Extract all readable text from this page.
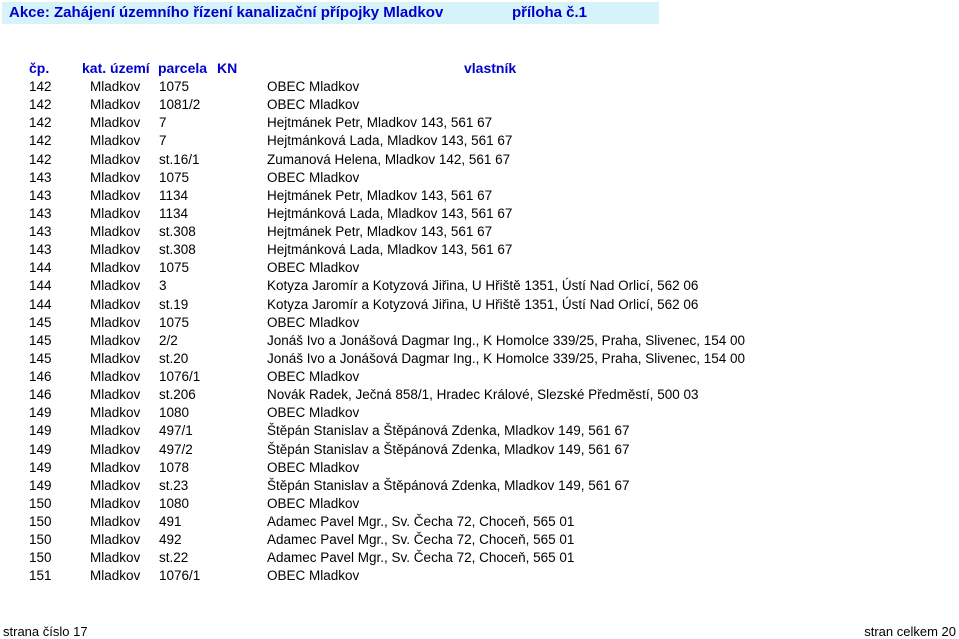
Akce: Zahájení územního řízení kanalizační přípojky Mladkov	příloha č.1
čp. kat. území parcela KN	vlastník
142	Mladkov 1075	OBEC Mladkov
142	Mladkov 1081/2	OBEC Mladkov
142	Mladkov 7	Hejtmánek Petr, Mladkov 143, 561 67
142	Mladkov 7	Hejtmánková Lada, Mladkov 143, 561 67
142	Mladkov st.16/1	Zumanová Helena, Mladkov 142, 561 67
143	Mladkov 1075	OBEC Mladkov
143	Mladkov 1134	Hejtmánek Petr, Mladkov 143, 561 67
143	Mladkov 1134	Hejtmánková Lada, Mladkov 143, 561 67
143	Mladkov st.308	Hejtmánek Petr, Mladkov 143, 561 67
143	Mladkov st.308	Hejtmánková Lada, Mladkov 143, 561 67
144	Mladkov 1075	OBEC Mladkov
144	Mladkov 3	Kotyza Jaromír a Kotyzová Jiřina, U Hřiště 1351, Ústí Nad Orlicí, 562 06
144	Mladkov st.19	Kotyza Jaromír a Kotyzová Jiřina, U Hřiště 1351, Ústí Nad Orlicí, 562 06
145	Mladkov 1075	OBEC Mladkov
145	Mladkov 2/2	Jonáš Ivo a Jonášová Dagmar Ing., K Homolce 339/25, Praha, Slivenec, 154 00
145	Mladkov st.20	Jonáš Ivo a Jonášová Dagmar Ing., K Homolce 339/25, Praha, Slivenec, 154 00
146	Mladkov 1076/1	OBEC Mladkov
146	Mladkov st.206	Novák Radek, Ječná 858/1, Hradec Králové, Slezské Předměstí, 500 03
149	Mladkov 1080	OBEC Mladkov
149	Mladkov 497/1	Štěpán Stanislav a Štěpánová Zdenka, Mladkov 149, 561 67
149	Mladkov 497/2	Štěpán Stanislav a Štěpánová Zdenka, Mladkov 149, 561 67
149	Mladkov 1078	OBEC Mladkov
149	Mladkov st.23	Štěpán Stanislav a Štěpánová Zdenka, Mladkov 149, 561 67
150	Mladkov 1080	OBEC Mladkov
150	Mladkov 491	Adamec Pavel Mgr., Sv. Čecha 72, Choceň, 565 01
150	Mladkov 492	Adamec Pavel Mgr., Sv. Čecha 72, Choceň, 565 01
150	Mladkov st.22	Adamec Pavel Mgr., Sv. Čecha 72, Choceň, 565 01
151	Mladkov 1076/1	OBEC Mladkov
strana číslo 17	stran celkem 20
